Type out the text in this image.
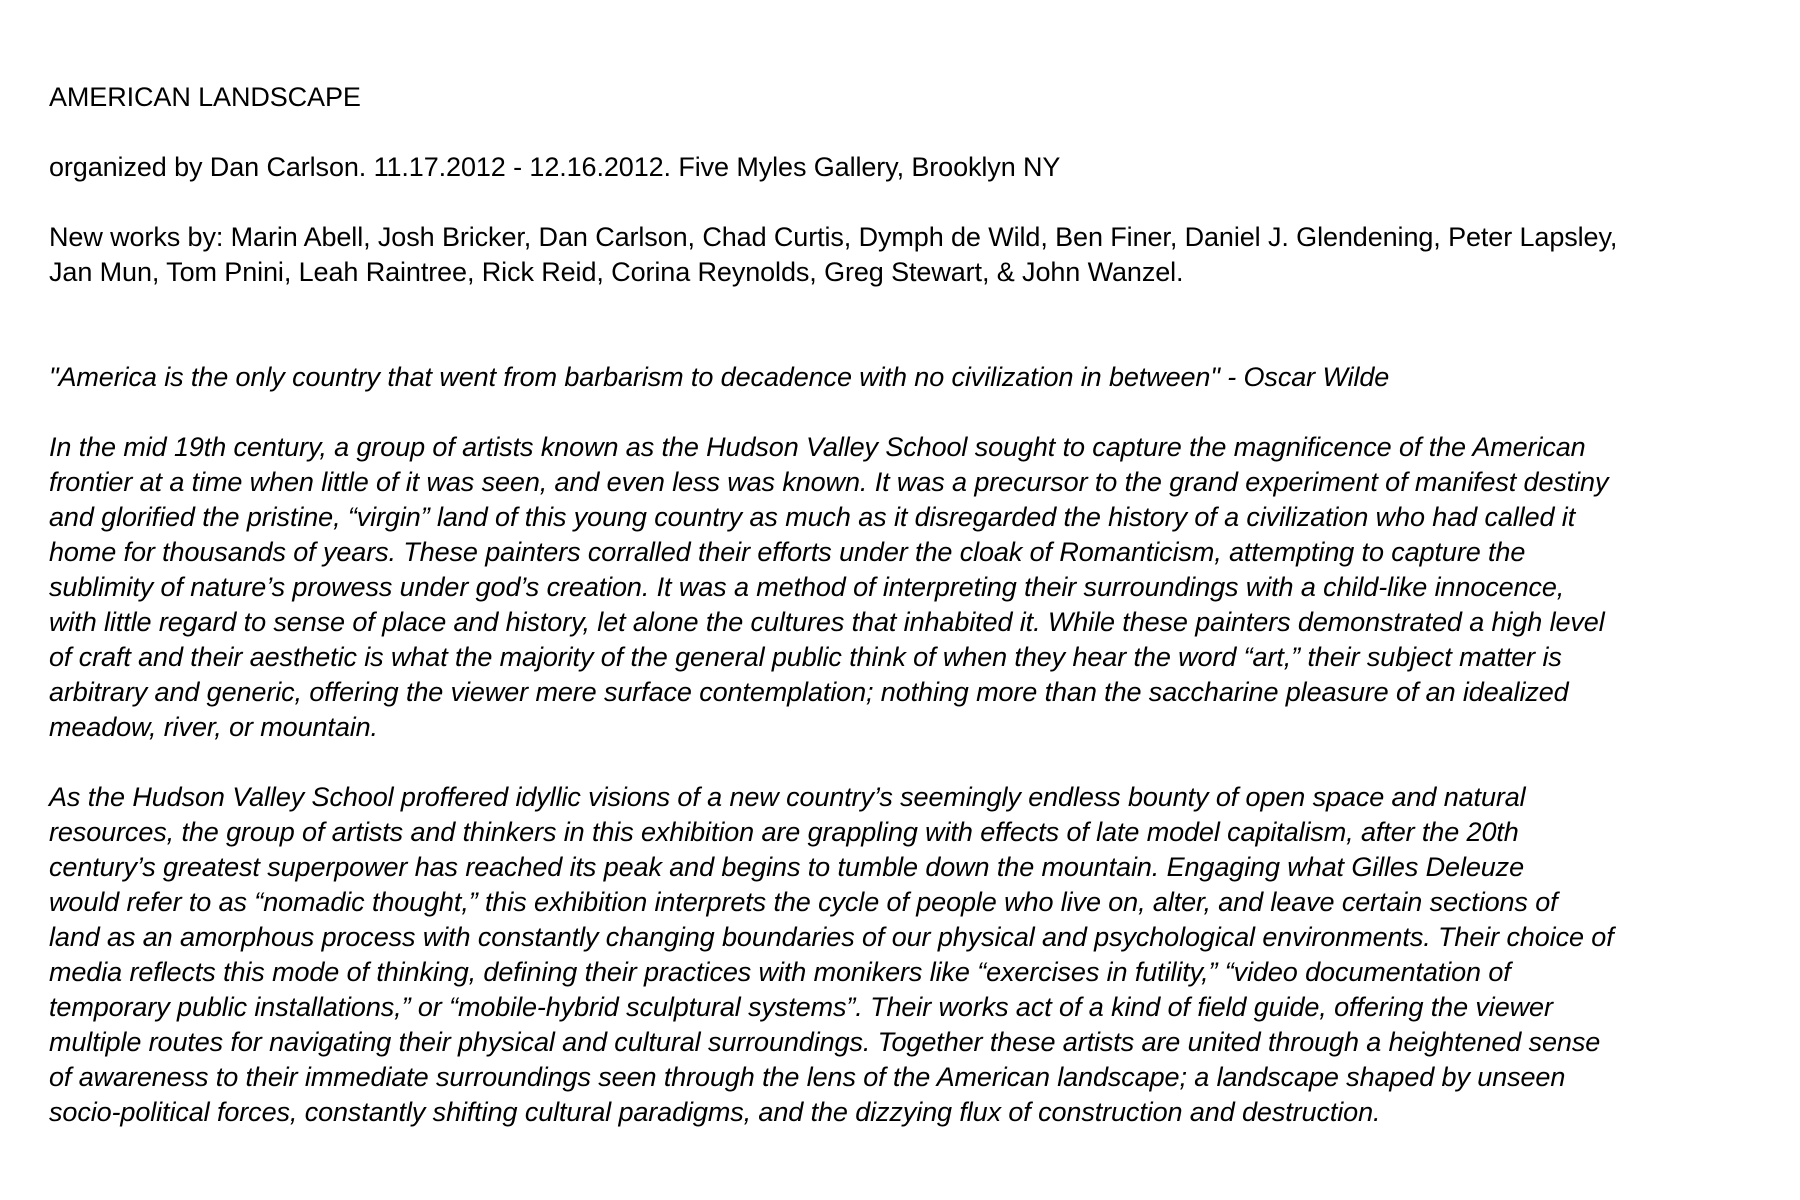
AMERICAN LANDSCAPE

organized by Dan Carlson. 11.17.2012 - 12.16.2012. Five Myles Gallery, Brooklyn NY

New works by: Marin Abell, Josh Bricker, Dan Carlson, Chad Curtis, Dymph de Wild, Ben Finer, Daniel J. Glendening, Peter Lapsley,
Jan Mun, Tom Pnini, Leah Raintree, Rick Reid, Corina Reynolds, Greg Stewart, & John Wanzel.

"America is the only country that went from barbarism to decadence with no civilization in between" - Oscar Wilde

In the mid 19th century, a group of artists known as the Hudson Valley School sought to capture the magnificence of the American
frontier at a time when little of it was seen, and even less was known. It was a precursor to the grand experiment of manifest destiny
and glorified the pristine, “virgin” land of this young country as much as it disregarded the history of a civilization who had called it
home for thousands of years. These painters corralled their efforts under the cloak of Romanticism, attempting to capture the
sublimity of nature’s prowess under god’s creation. It was a method of interpreting their surroundings with a child-like innocence,
with little regard to sense of place and history, let alone the cultures that inhabited it. While these painters demonstrated a high level
of craft and their aesthetic is what the majority of the general public think of when they hear the word “art,” their subject matter is
arbitrary and generic, offering the viewer mere surface contemplation; nothing more than the saccharine pleasure of an idealized
meadow, river, or mountain.

As the Hudson Valley School proffered idyllic visions of a new country’s seemingly endless bounty of open space and natural
resources, the group of artists and thinkers in this exhibition are grappling with effects of late model capitalism, after the 20th
century’s greatest superpower has reached its peak and begins to tumble down the mountain. Engaging what Gilles Deleuze
would refer to as “nomadic thought,” this exhibition interprets the cycle of people who live on, alter, and leave certain sections of
land as an amorphous process with constantly changing boundaries of our physical and psychological environments. Their choice of
media reflects this mode of thinking, defining their practices with monikers like “exercises in futility,” “video documentation of
temporary public installations,” or “mobile-hybrid sculptural systems”. Their works act of a kind of field guide, offering the viewer
multiple routes for navigating their physical and cultural surroundings. Together these artists are united through a heightened sense
of awareness to their immediate surroundings seen through the lens of the American landscape; a landscape shaped by unseen
socio-political forces, constantly shifting cultural paradigms, and the dizzying flux of construction and destruction.
